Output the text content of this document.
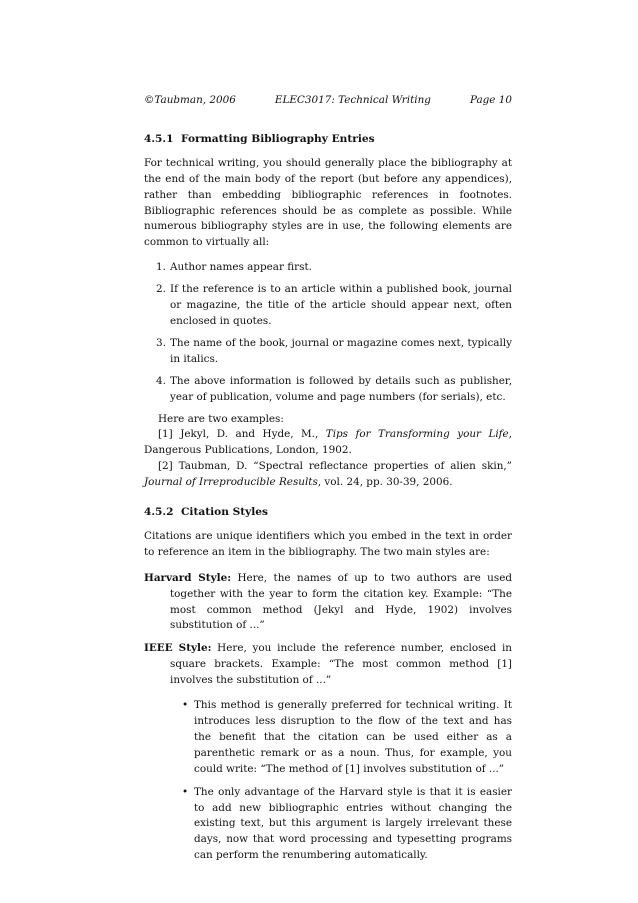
©Taubman, 2006	ELEC3017: Technical Writing	Page 10
4.5.1 Formatting Bibliography Entries

For technical writing, you should generally place the bibliography at the end of the main body of the report (but before any appendices), rather than embedding bibliographic references in footnotes. Bibliographic references should be as complete as possible. While numerous bibliography styles are in use, the following elements are common to virtually all:

1. Author names appear first.
2. If the reference is to an article within a published book, journal or magazine, the title of the article should appear next, often enclosed in quotes.
3. The name of the book, journal or magazine comes next, typically in italics.
4. The above information is followed by details such as publisher, year of publication, volume and page numbers (for serials), etc.

Here are two examples:

[1] Jekyl, D. and Hyde, M., Tips for Transforming your Life, Dangerous Publications, London, 1902.

[2] Taubman, D. “Spectral reflectance properties of alien skin,” Journal of Irreproducible Results, vol. 24, pp. 30-39, 2006.

4.5.2 Citation Styles

Citations are unique identifiers which you embed in the text in order to reference an item in the bibliography. The two main styles are:

Harvard Style: Here, the names of up to two authors are used together with the year to form the citation key. Example: “The most common method (Jekyl and Hyde, 1902) involves substitution of ...”
IEEE Style: Here, you include the reference number, enclosed in square brackets. Example: “The most common method [1] involves the substitution of ...”
• This method is generally preferred for technical writing. It introduces less disruption to the flow of the text and has the benefit that the citation can be used either as a parenthetic remark or as a noun. Thus, for example, you could write: “The method of [1] involves substitution of ...”
• The only advantage of the Harvard style is that it is easier to add new bibliographic entries without changing the existing text, but this argument is largely irrelevant these days, now that word processing and typesetting programs can perform the renumbering automatically.
